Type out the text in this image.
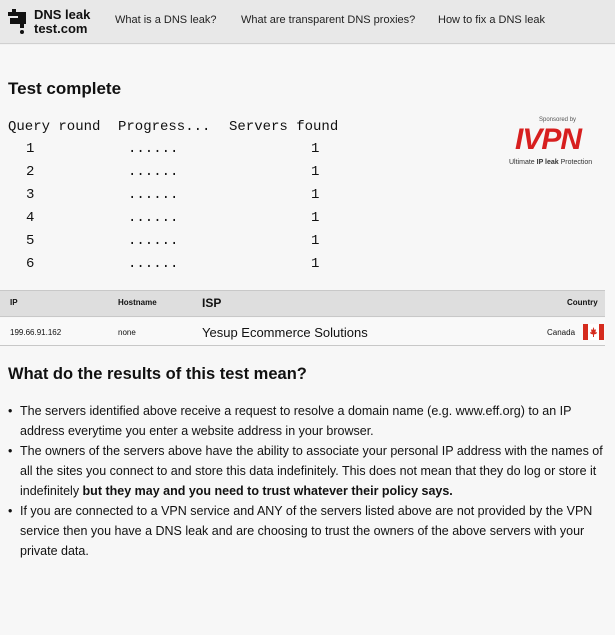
DNS leak
test.com
What is a DNS leak? What are transparent DNS proxies? How to fix a DNS leak
Test complete
Query round Progress... Servers found
1	......	1
2	......	1
3	......	1
4	......	1
5	......	1
6	......	1
Sponsored by
IVPN
Ultimate IP leak Protection
IP	Hostname	ISP	Country
199.66.91.162	none	Yesup Ecommerce Solutions	Canada
What do the results of this test mean?
• The servers identified above receive a request to resolve a domain name (e.g. www.eff.org) to an IP address everytime you enter a website address in your browser.
• The owners of the servers above have the ability to associate your personal IP address with the names of all the sites you connect to and store this data indefinitely. This does not mean that they do log or store it indefinitely but they may and you need to trust whatever their policy says.
• If you are connected to a VPN service and ANY of the servers listed above are not provided by the VPN service then you have a DNS leak and are choosing to trust the owners of the above servers with your private data.
